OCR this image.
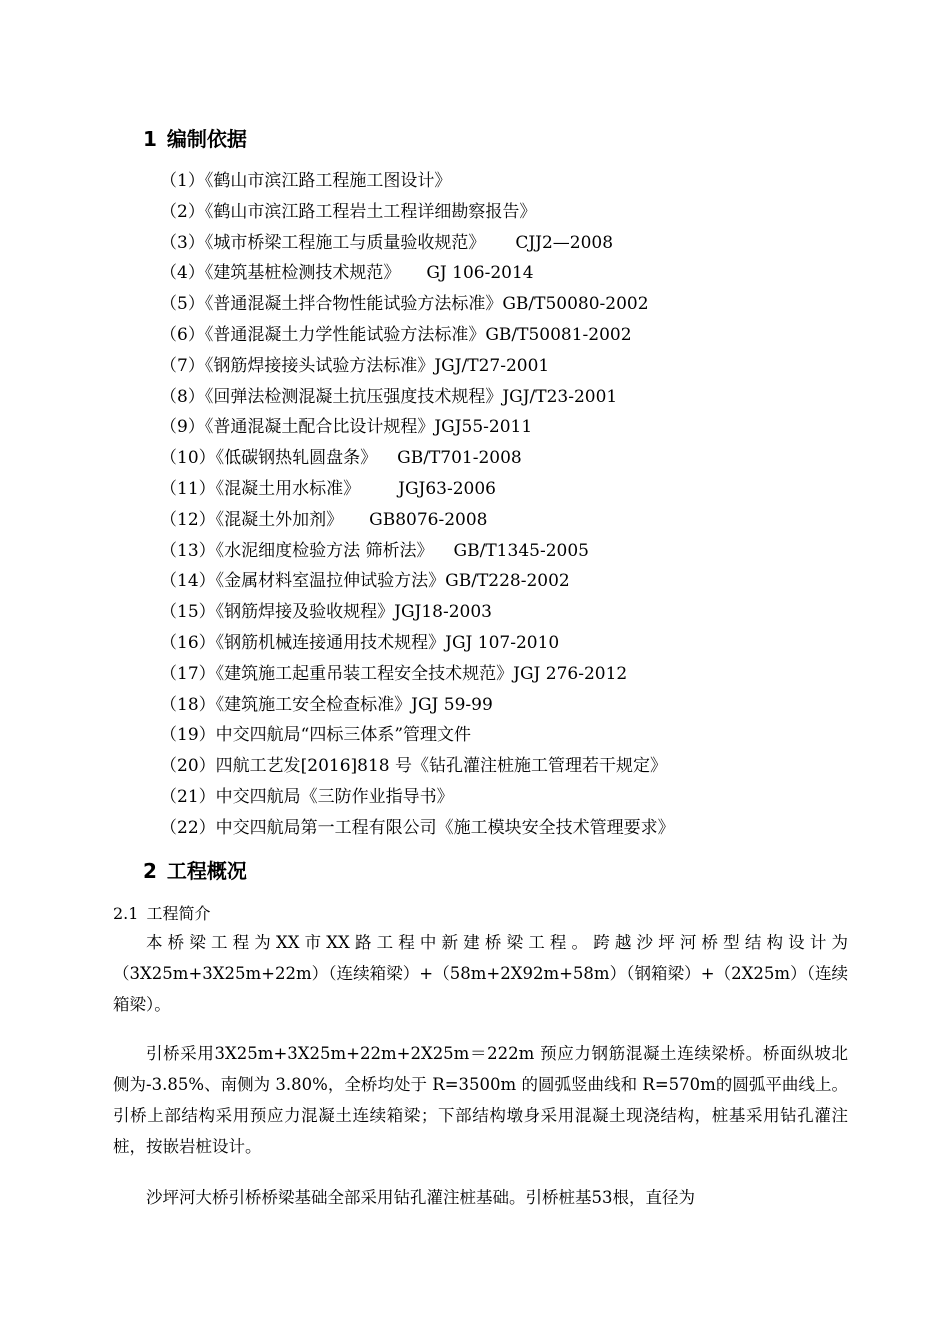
1 编制依据
（1）《鹤山市滨江路工程施工图设计》
（2）《鹤山市滨江路工程岩土工程详细勘察报告》
（3）《城市桥梁工程施工与质量验收规范》 CJJ2—2008
（4）《建筑基桩检测技术规范》 GJ 106-2014
（5）《普通混凝土拌合物性能试验方法标准》GB/T50080-2002
（6）《普通混凝土力学性能试验方法标准》GB/T50081-2002
（7）《钢筋焊接接头试验方法标准》JGJ/T27-2001
（8）《回弹法检测混凝土抗压强度技术规程》JGJ/T23-2001
（9）《普通混凝土配合比设计规程》JGJ55-2011
（10）《低碳钢热轧圆盘条》 GB/T701-2008
（11）《混凝土用水标准》 JGJ63-2006
（12）《混凝土外加剂》 GB8076-2008
（13）《水泥细度检验方法 筛析法》 GB/T1345-2005
（14）《金属材料室温拉伸试验方法》GB/T228-2002
（15）《钢筋焊接及验收规程》JGJ18-2003
（16）《钢筋机械连接通用技术规程》JGJ 107-2010
（17）《建筑施工起重吊装工程安全技术规范》JGJ 276-2012
（18）《建筑施工安全检查标准》JGJ 59-99
（19）中交四航局“四标三体系”管理文件
（20）四航工艺发[2016]818 号《钻孔灌注桩施工管理若干规定》
（21）中交四航局《三防作业指导书》
（22）中交四航局第一工程有限公司《施工模块安全技术管理要求》
2 工程概况
2.1 工程简介

本桥梁工程为XX市XX路工程中新建桥梁工程。跨越沙坪河桥型结构设计为（3X25m+3X25m+22m）（连续箱梁）+（58m+2X92m+58m）（钢箱梁）+（2X25m）（连续箱梁）。

引桥采用3X25m+3X25m+22m+2X25m＝222m 预应力钢筋混凝土连续梁桥。桥面纵坡北侧为-3.85%、南侧为 3.80%，全桥均处于 R=3500m 的圆弧竖曲线和 R=570m的圆弧平曲线上。引桥上部结构采用预应力混凝土连续箱梁；下部结构墩身采用混凝土现浇结构，桩基采用钻孔灌注桩，按嵌岩桩设计。

沙坪河大桥引桥桥梁基础全部采用钻孔灌注桩基础。引桥桩基53根，直径为
